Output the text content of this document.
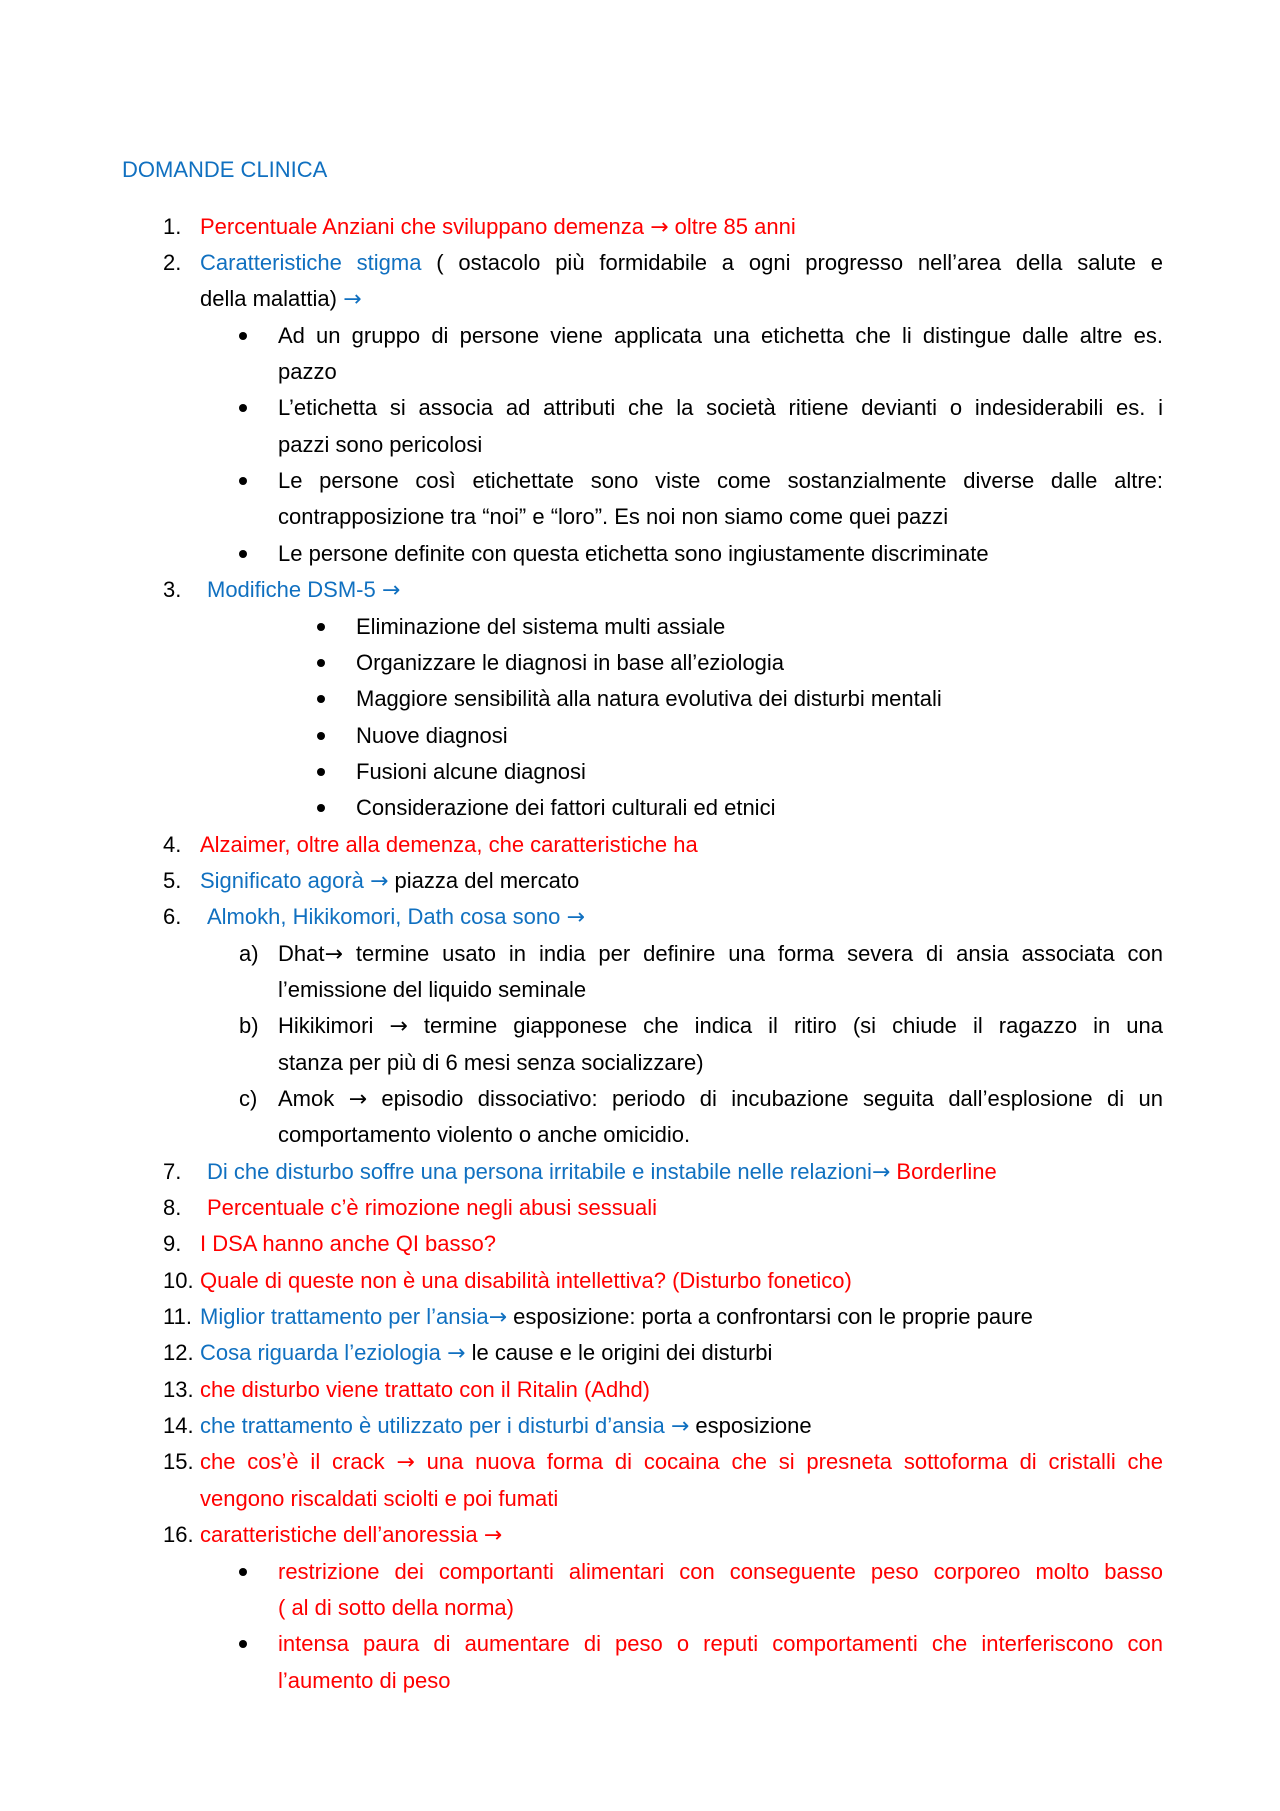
DOMANDE CLINICA
1. Percentuale Anziani che sviluppano demenza → oltre 85 anni
2. Caratteristiche stigma ( ostacolo più formidabile a ogni progresso nell’area della salute e
della malattia) →
Ad un gruppo di persone viene applicata una etichetta che li distingue dalle altre es.
pazzo
L’etichetta si associa ad attributi che la società ritiene devianti o indesiderabili es. i
pazzi sono pericolosi
Le persone così etichettate sono viste come sostanzialmente diverse dalle altre:
contrapposizione tra “noi” e “loro”. Es noi non siamo come quei pazzi
Le persone definite con questa etichetta sono ingiustamente discriminate
3. Modifiche DSM-5 →
Eliminazione del sistema multi assiale
Organizzare le diagnosi in base all’eziologia
Maggiore sensibilità alla natura evolutiva dei disturbi mentali
Nuove diagnosi
Fusioni alcune diagnosi
Considerazione dei fattori culturali ed etnici
4. Alzaimer, oltre alla demenza, che caratteristiche ha
5. Significato agorà → piazza del mercato
6. Almokh, Hikikomori, Dath cosa sono →
a) Dhat→ termine usato in india per definire una forma severa di ansia associata con
l’emissione del liquido seminale
b) Hikikimori → termine giapponese che indica il ritiro (si chiude il ragazzo in una
stanza per più di 6 mesi senza socializzare)
c) Amok → episodio dissociativo: periodo di incubazione seguita dall’esplosione di un
comportamento violento o anche omicidio.
7. Di che disturbo soffre una persona irritabile e instabile nelle relazioni→ Borderline
8. Percentuale c’è rimozione negli abusi sessuali
9. I DSA hanno anche QI basso?
10. Quale di queste non è una disabilità intellettiva? (Disturbo fonetico)
11. Miglior trattamento per l’ansia→ esposizione: porta a confrontarsi con le proprie paure
12. Cosa riguarda l’eziologia → le cause e le origini dei disturbi
13. che disturbo viene trattato con il Ritalin (Adhd)
14. che trattamento è utilizzato per i disturbi d’ansia → esposizione
15. che cos’è il crack → una nuova forma di cocaina che si presneta sottoforma di cristalli che
vengono riscaldati sciolti e poi fumati
16. caratteristiche dell’anoressia →
restrizione dei comportanti alimentari con conseguente peso corporeo molto basso
( al di sotto della norma)
intensa paura di aumentare di peso o reputi comportamenti che interferiscono con
l’aumento di peso
